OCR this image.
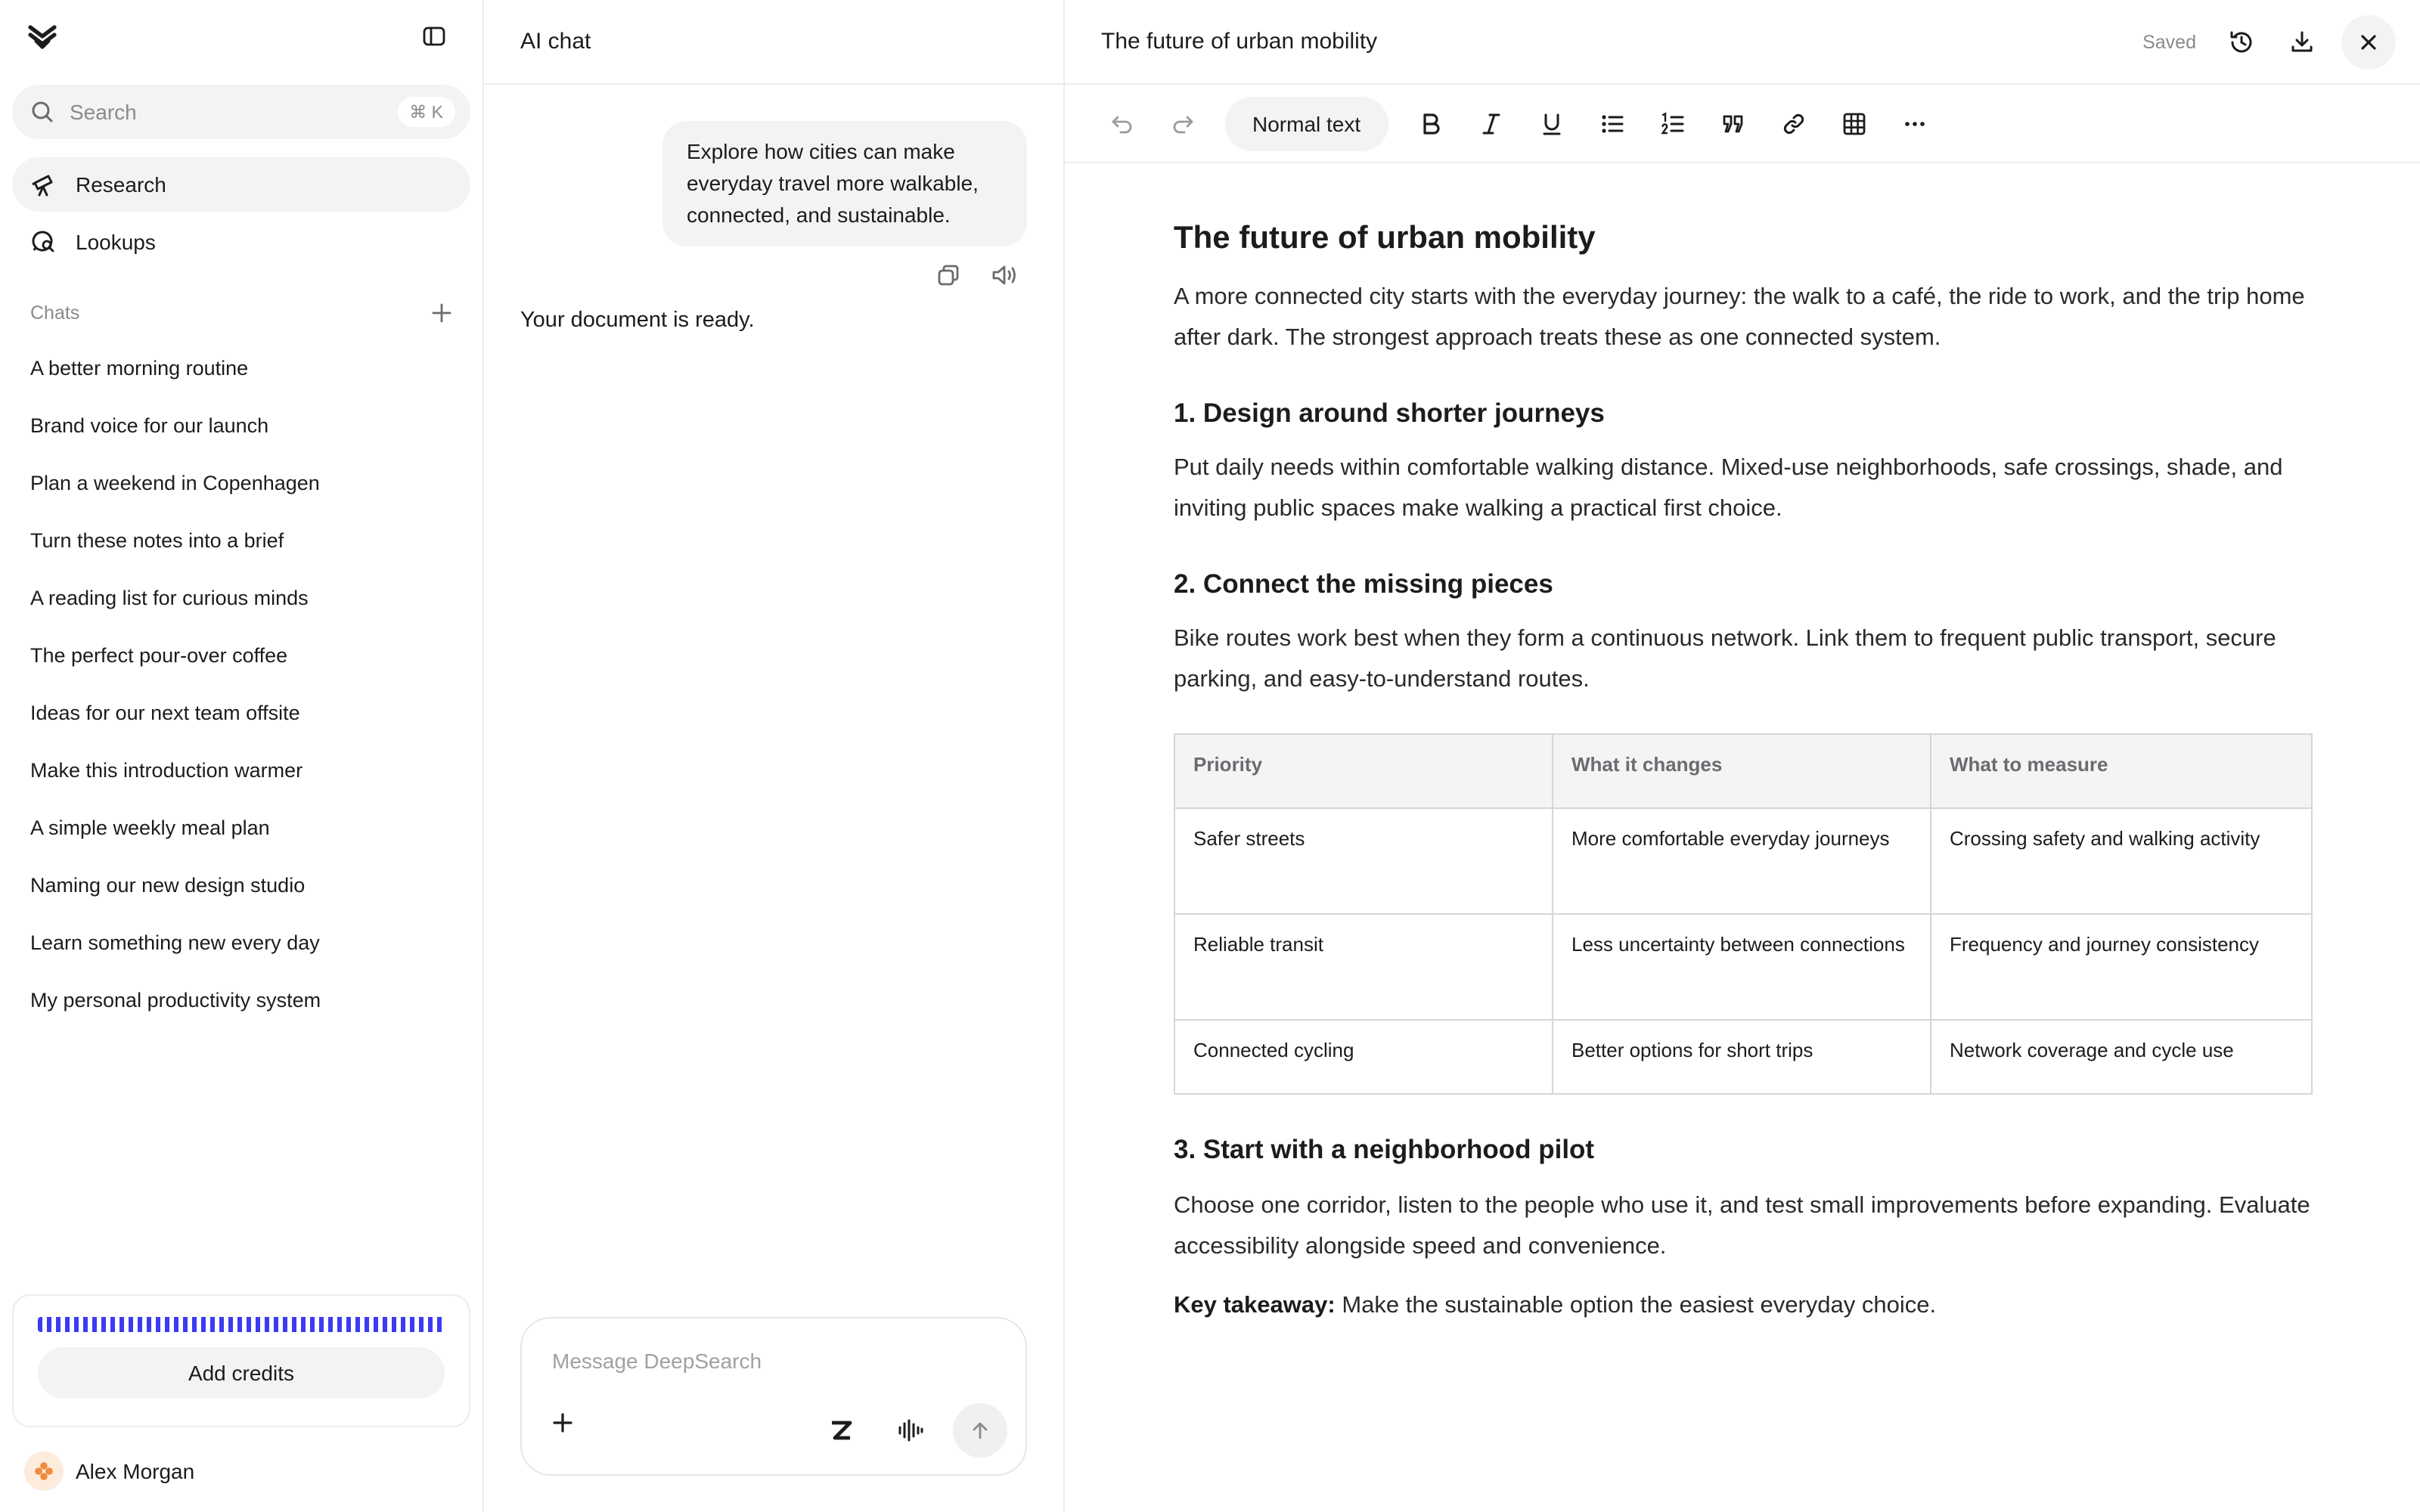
Search	⌘ K
Research
Lookups
Chats
A better morning routine
Brand voice for our launch
Plan a weekend in Copenhagen
Turn these notes into a brief
A reading list for curious minds
The perfect pour-over coffee
Ideas for our next team offsite
Make this introduction warmer
A simple weekly meal plan
Naming our new design studio
Learn something new every day
My personal productivity system
Add credits
Alex Morgan
AI chat
Explore how cities can make everyday travel more walkable, connected, and sustainable.
Your document is ready.
Message DeepSearch
The future of urban mobility	Saved
Normal text
The future of urban mobility

A more connected city starts with the everyday journey: the walk to a café, the ride to work, and the trip home after dark. The strongest approach treats these as one connected system.

1. Design around shorter journeys

Put daily needs within comfortable walking distance. Mixed-use neighborhoods, safe crossings, shade, and inviting public spaces make walking a practical first choice.

2. Connect the missing pieces

Bike routes work best when they form a continuous network. Link them to frequent public transport, secure parking, and easy-to-understand routes.

Priority	What it changes	What to measure
Safer streets	More comfortable everyday journeys	Crossing safety and walking activity
Reliable transit	Less uncertainty between connections	Frequency and journey consistency
Connected cycling	Better options for short trips	Network coverage and cycle use
3. Start with a neighborhood pilot

Choose one corridor, listen to the people who use it, and test small improvements before expanding. Evaluate accessibility alongside speed and convenience.

Key takeaway: Make the sustainable option the easiest everyday choice.
